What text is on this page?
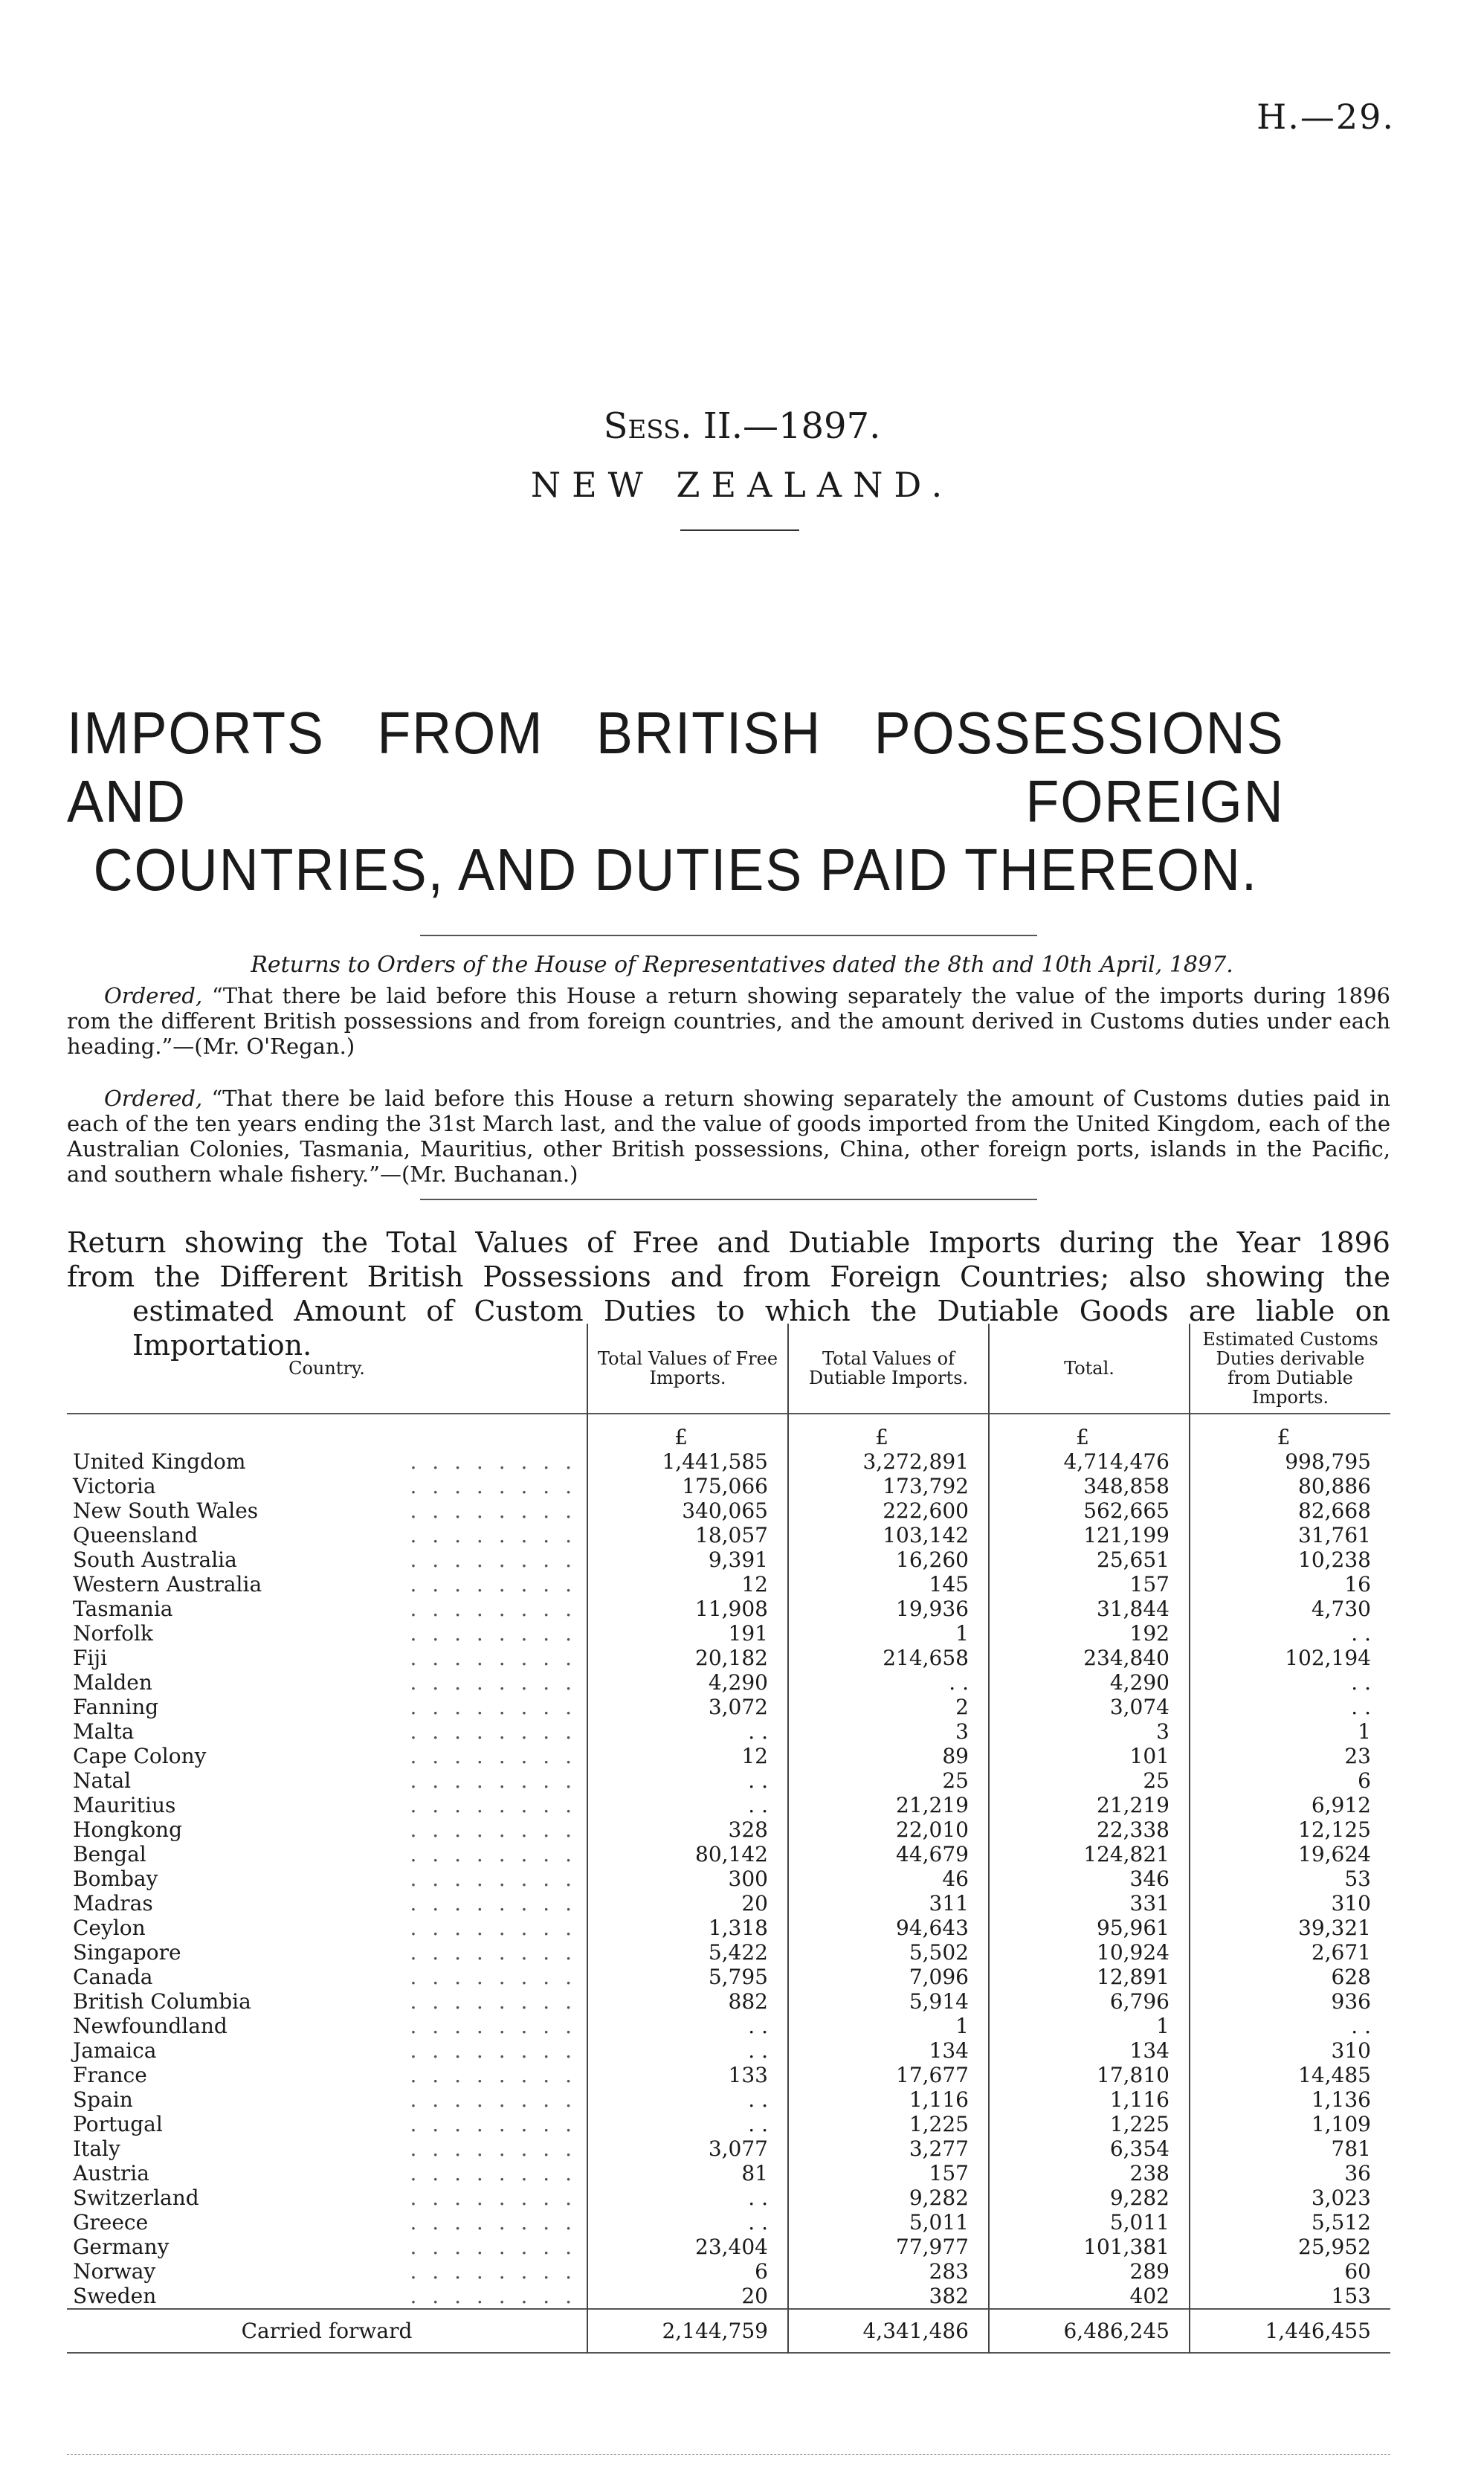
H.—29.
Sess. II.—1897.
NEW ZEALAND.
IMPORTS FROM BRITISH POSSESSIONS AND FOREIGN
COUNTRIES, AND DUTIES PAID THEREON.
Returns to Orders of the House of Representatives dated the 8th and 10th April, 1897.
Ordered, “That there be laid before this House a return showing separately the value of the imports during 1896 rom the different British possessions and from foreign countries, and the amount derived in Customs duties under each heading.”—(Mr. O'Regan.)
Ordered, “That there be laid before this House a return showing separately the amount of Customs duties paid in each of the ten years ending the 31st March last, and the value of goods imported from the United Kingdom, each of the Australian Colonies, Tasmania, Mauritius, other British possessions, China, other foreign ports, islands in the Pacific, and southern whale fishery.”—(Mr. Buchanan.)
Return showing the Total Values of Free and Dutiable Imports during the Year 1896
from the Different British Possessions and from Foreign Countries; also showing the
estimated Amount of Custom Duties to which the Dutiable Goods are liable on Importation.
Country.	Total Values of Free Imports.	Total Values of Dutiable Imports.	Total.	Estimated Customs Duties derivable from Dutiable Imports.
	£	£	£	£
United Kingdom . . . . . . . .	1,441,585	3,272,891	4,714,476	998,795
Victoria . . . . . . . .	175,066	173,792	348,858	80,886
New South Wales . . . . . . . .	340,065	222,600	562,665	82,668
Queensland . . . . . . . .	18,057	103,142	121,199	31,761
South Australia . . . . . . . .	9,391	16,260	25,651	10,238
Western Australia . . . . . . . .	12	145	157	16
Tasmania . . . . . . . .	11,908	19,936	31,844	4,730
Norfolk . . . . . . . .	191	1	192	. .
Fiji . . . . . . . .	20,182	214,658	234,840	102,194
Malden . . . . . . . .	4,290	. .	4,290	. .
Fanning . . . . . . . .	3,072	2	3,074	. .
Malta . . . . . . . .	. .	3	3	1
Cape Colony . . . . . . . .	12	89	101	23
Natal . . . . . . . .	. .	25	25	6
Mauritius . . . . . . . .	. .	21,219	21,219	6,912
Hongkong . . . . . . . .	328	22,010	22,338	12,125
Bengal . . . . . . . .	80,142	44,679	124,821	19,624
Bombay . . . . . . . .	300	46	346	53
Madras . . . . . . . .	20	311	331	310
Ceylon . . . . . . . .	1,318	94,643	95,961	39,321
Singapore . . . . . . . .	5,422	5,502	10,924	2,671
Canada . . . . . . . .	5,795	7,096	12,891	628
British Columbia . . . . . . . .	882	5,914	6,796	936
Newfoundland . . . . . . . .	. .	1	1	. .
Jamaica . . . . . . . .	. .	134	134	310
France . . . . . . . .	133	17,677	17,810	14,485
Spain . . . . . . . .	. .	1,116	1,116	1,136
Portugal . . . . . . . .	. .	1,225	1,225	1,109
Italy . . . . . . . .	3,077	3,277	6,354	781
Austria . . . . . . . .	81	157	238	36
Switzerland . . . . . . . .	. .	9,282	9,282	3,023
Greece . . . . . . . .	. .	5,011	5,011	5,512
Germany . . . . . . . .	23,404	77,977	101,381	25,952
Norway . . . . . . . .	6	283	289	60
Sweden . . . . . . . .	20	382	402	153
Carried forward	2,144,759	4,341,486	6,486,245	1,446,455
